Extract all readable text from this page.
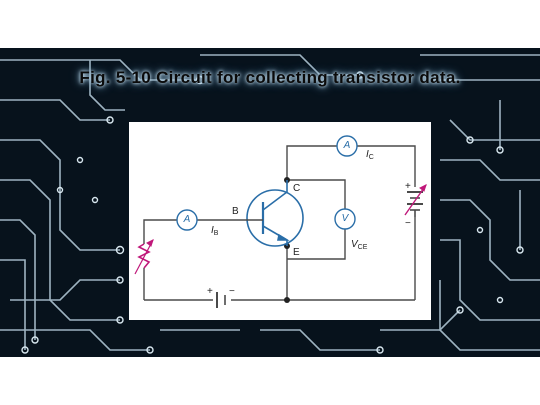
Fig. 5-10 Circuit for collecting transistor data.
A
A	V
$I_C$
$I_B$
$V_{CE}$
B
C
E
+ −
+
−
